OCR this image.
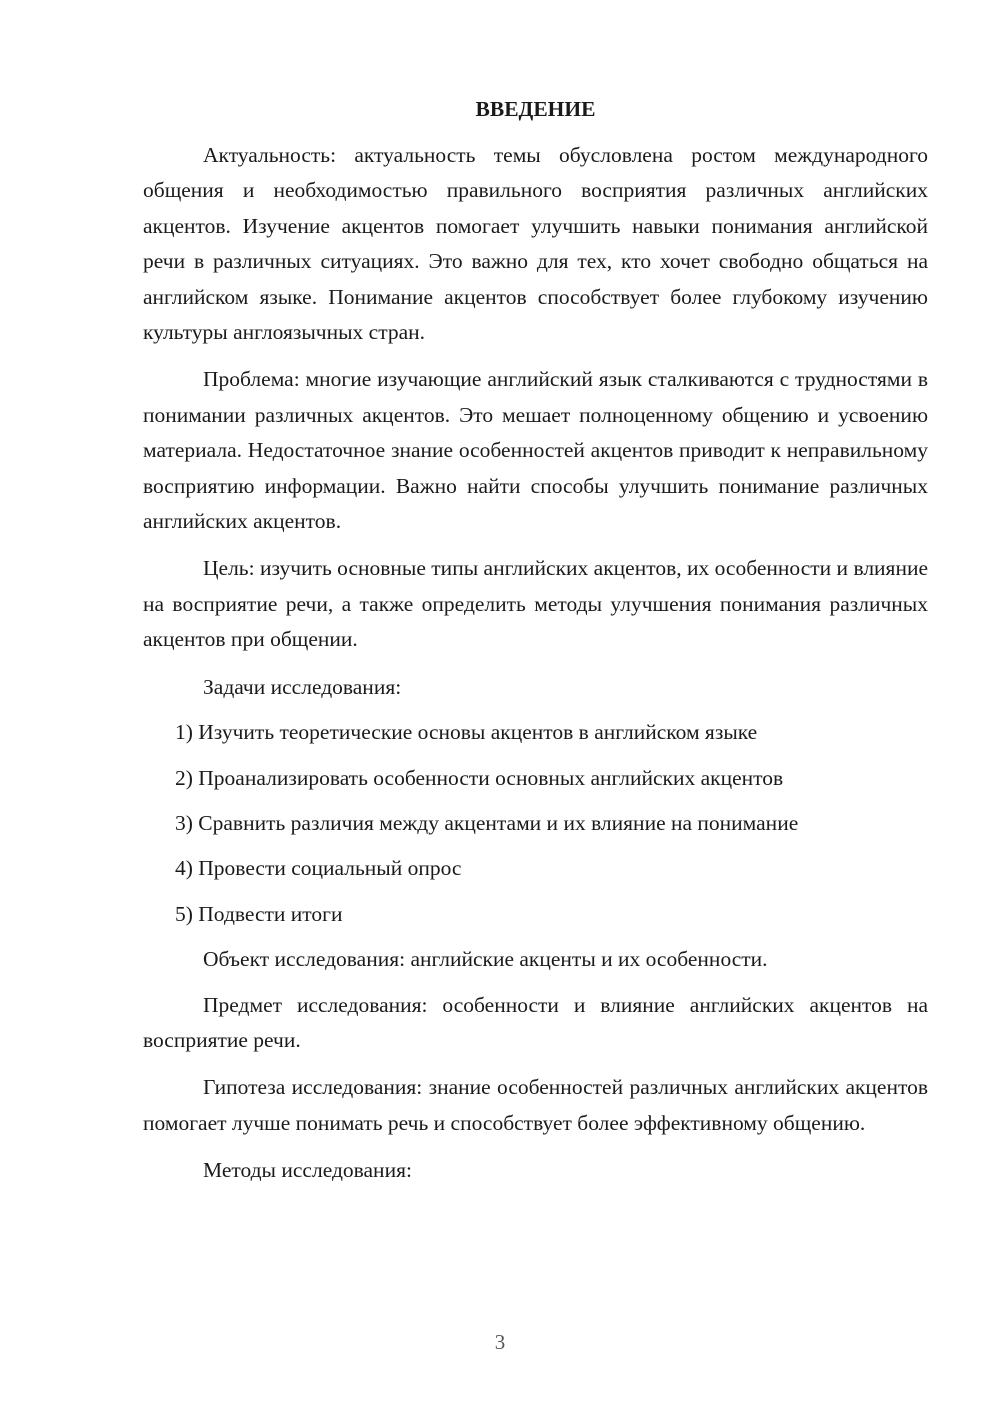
ВВЕДЕНИЕ

Актуальность: актуальность темы обусловлена ростом международного общения и необходимостью правильного восприятия различных английских акцентов. Изучение акцентов помогает улучшить навыки понимания английской речи в различных ситуациях. Это важно для тех, кто хочет свободно общаться на английском языке. Понимание акцентов способствует более глубокому изучению культуры англоязычных стран.

Проблема: многие изучающие английский язык сталкиваются с трудностями в понимании различных акцентов. Это мешает полноценному общению и усвоению материала. Недостаточное знание особенностей акцентов приводит к неправильному восприятию информации. Важно найти способы улучшить понимание различных английских акцентов.

Цель: изучить основные типы английских акцентов, их особенности и влияние на восприятие речи, а также определить методы улучшения понимания различных акцентов при общении.

Задачи исследования:

1) Изучить теоретические основы акцентов в английском языке
2) Проанализировать особенности основных английских акцентов
3) Сравнить различия между акцентами и их влияние на понимание
4) Провести социальный опрос
5) Подвести итоги

Объект исследования: английские акценты и их особенности.

Предмет исследования: особенности и влияние английских акцентов на восприятие речи.

Гипотеза исследования: знание особенностей различных английских акцентов помогает лучше понимать речь и способствует более эффективному общению.

Методы исследования:

3
